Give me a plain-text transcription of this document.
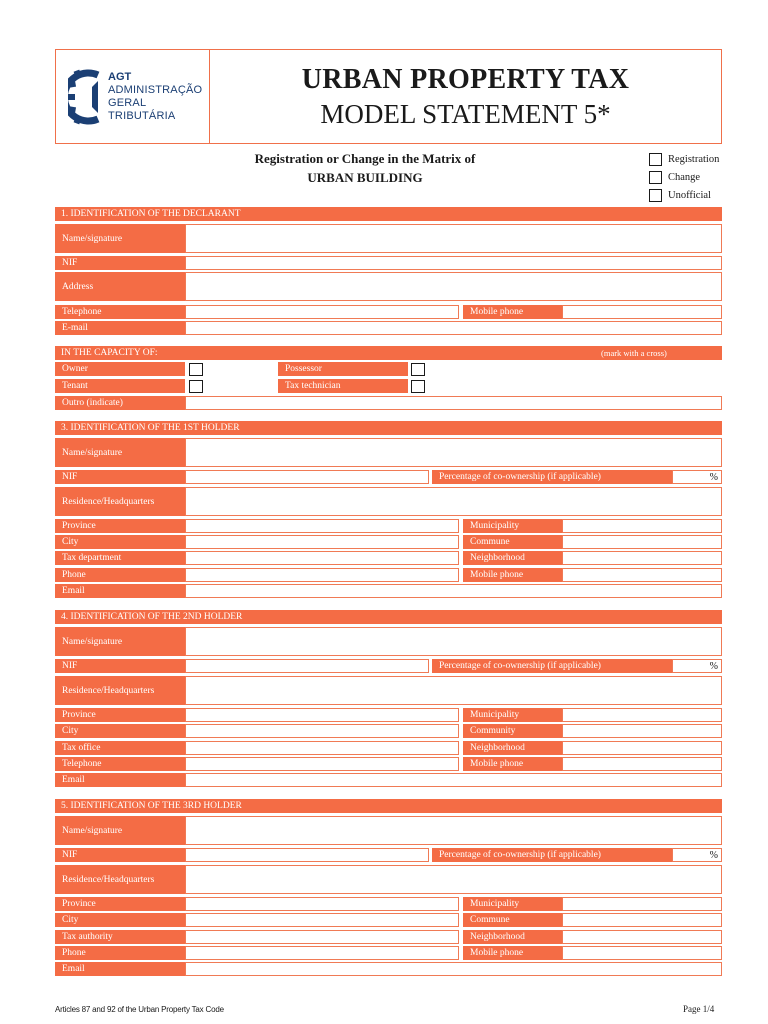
AGT
ADMINISTRAÇÃO
GERAL
TRIBUTÁRIA
URBAN PROPERTY TAX
MODEL STATEMENT 5*
Registration or Change in the Matrix of
URBAN BUILDING
Registration
Change
Unofficial
1. IDENTIFICATION OF THE DECLARANT
Name/signature
NIF
Address
Telephone	Mobile phone
E-mail
IN THE CAPACITY OF:	(mark with a cross)
Owner	Possessor
Tenant	Tax technician
Outro (indicate)
3. IDENTIFICATION OF THE 1ST HOLDER
Name/signature
NIF	Percentage of co-ownership (if applicable)	%
Residence/Headquarters
Province	Municipality
City	Commune
Tax department	Neighborhood
Phone	Mobile phone
Email
4. IDENTIFICATION OF THE 2ND HOLDER
Name/signature
NIF	Percentage of co-ownership (if applicable)	%
Residence/Headquarters
Province	Municipality
City	Community
Tax office	Neighborhood
Telephone	Mobile phone
Email
5. IDENTIFICATION OF THE 3RD HOLDER
Name/signature
NIF	Percentage of co-ownership (if applicable)	%
Residence/Headquarters
Province	Municipality
City	Commune
Tax authority	Neighborhood
Phone	Mobile phone
Email
Articles 87 and 92 of the Urban Property Tax Code	Page 1/4
